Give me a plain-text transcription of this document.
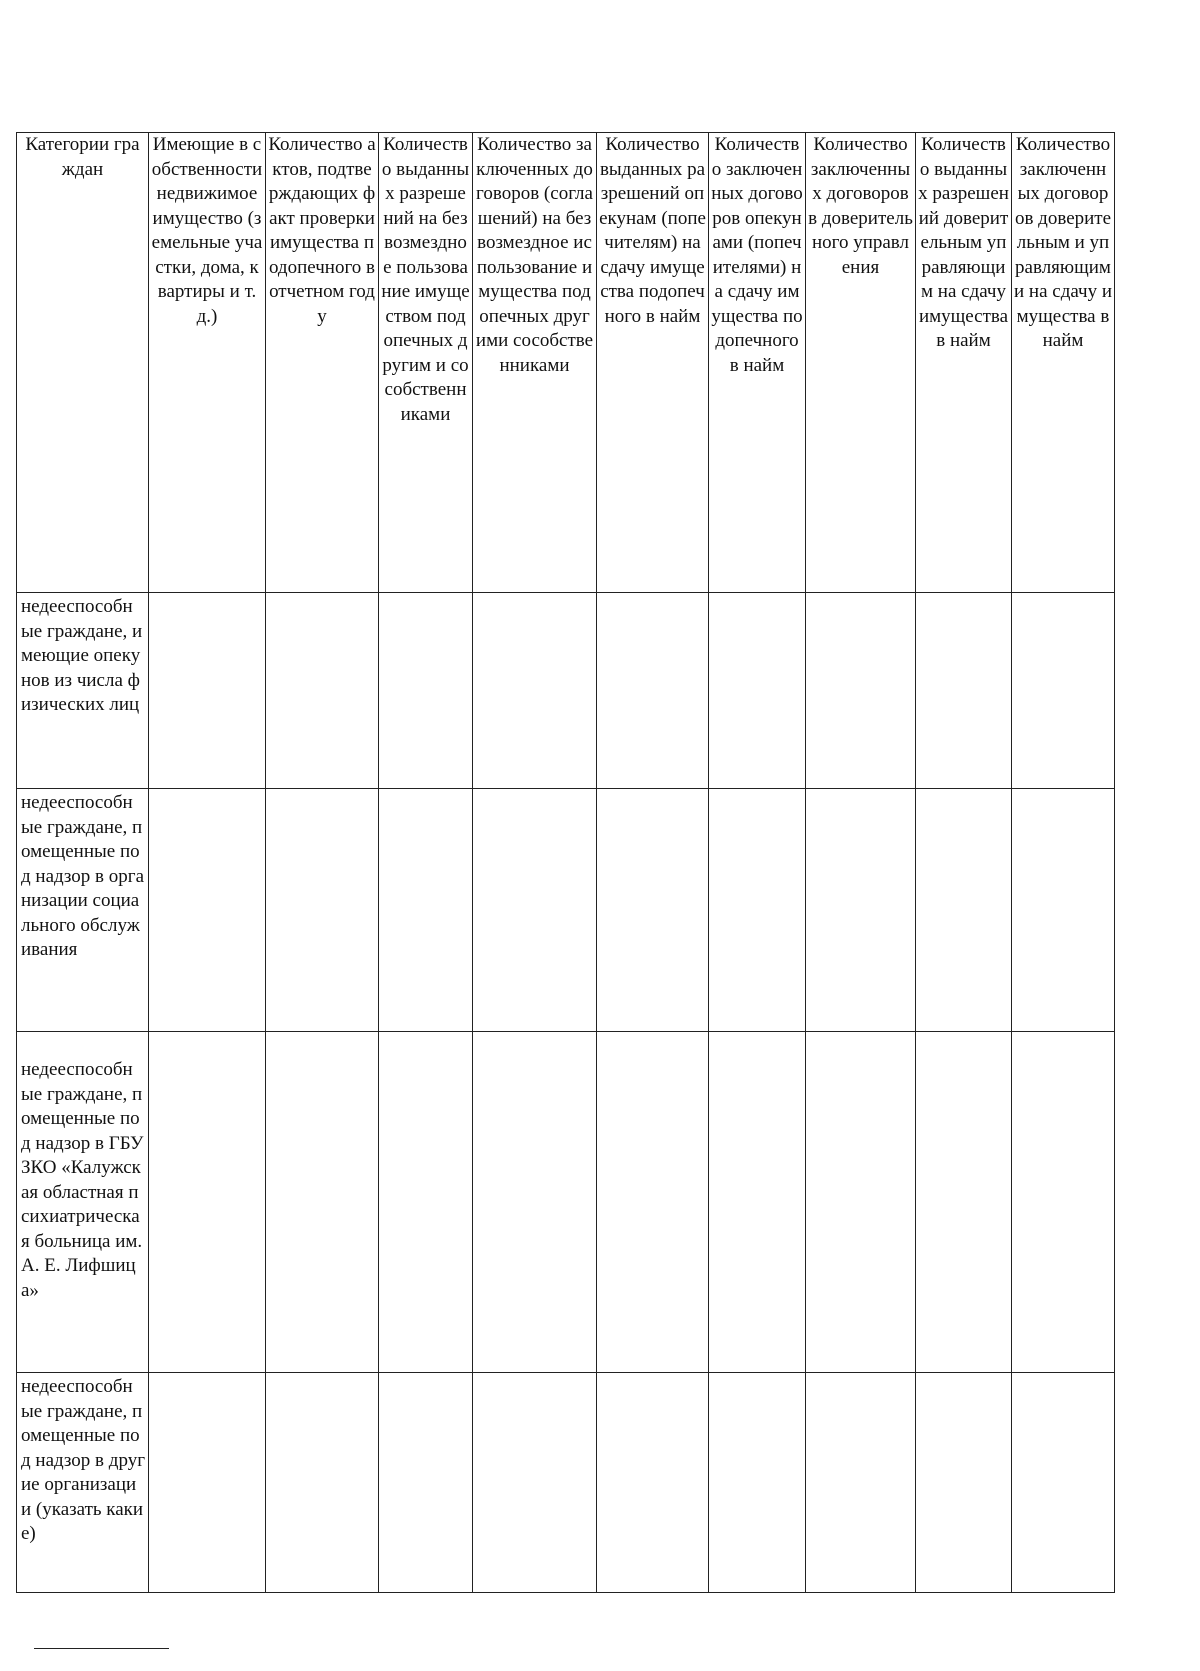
Категории граждан	Имеющие в собственности недвижимое имущество (земельные участки, дома, квартиры и т.д.)	Количество актов, подтверждающих факт проверки имущества подопечного в отчетном году	Количество выданных разрешений на безвозмездное пользование имуществом подопечных другим и сособственниками	Количество заключенных договоров (соглашений) на безвозмездное использование имущества подопечных другими сособственниками	Количество выданных разрешений опекунам (попечителям) на сдачу имущества подопечного в найм	Количество заключенных договоров опекунами (попечителями) на сдачу имущества подопечного в найм	Количество заключенных договоров в доверительного управления	Количество выданных разрешений доверительным управляющим на сдачу имущества в найм	Количество заключенных договоров доверительным и управляющими на сдачу имущества в найм

недееспособные граждане, имеющие опекунов из числа физических лиц									

недееспособные граждане, помещенные под надзор в организации социального обслуживания									

недееспособные граждане, помещенные под надзор в ГБУЗКО «Калужская областная психиатрическая больница им. А. Е. Лифшица»									

недееспособные граждане, помещенные под надзор в другие организации (указать какие)									
